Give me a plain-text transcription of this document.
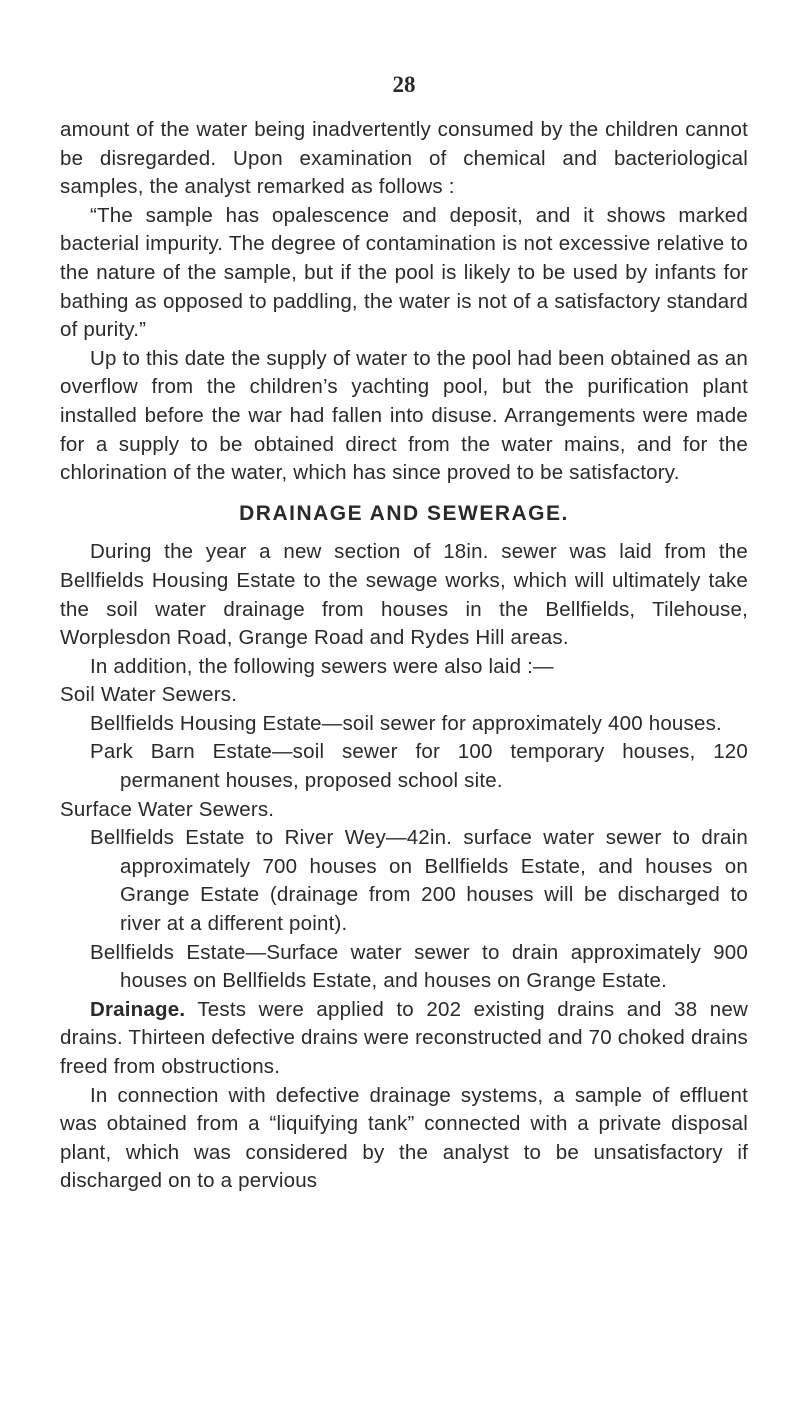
28

amount of the water being inadvertently consumed by the children cannot be disregarded. Upon examination of chemical and bacteriological samples, the analyst remarked as follows :

“The sample has opalescence and deposit, and it shows marked bacterial impurity. The degree of contamination is not excessive relative to the nature of the sample, but if the pool is likely to be used by infants for bathing as opposed to paddling, the water is not of a satisfactory standard of purity.”

Up to this date the supply of water to the pool had been obtained as an overflow from the children’s yachting pool, but the purification plant installed before the war had fallen into disuse. Arrangements were made for a supply to be obtained direct from the water mains, and for the chlorination of the water, which has since proved to be satisfactory.

DRAINAGE AND SEWERAGE.

During the year a new section of 18in. sewer was laid from the Bellfields Housing Estate to the sewage works, which will ultimately take the soil water drainage from houses in the Bellfields, Tilehouse, Worplesdon Road, Grange Road and Rydes Hill areas.

In addition, the following sewers were also laid :—

Soil Water Sewers.

Bellfields Housing Estate—soil sewer for approximately 400 houses.

Park Barn Estate—soil sewer for 100 temporary houses, 120 permanent houses, proposed school site.

Surface Water Sewers.

Bellfields Estate to River Wey—42in. surface water sewer to drain approximately 700 houses on Bellfields Estate, and houses on Grange Estate (drainage from 200 houses will be discharged to river at a different point).

Bellfields Estate—Surface water sewer to drain approximately 900 houses on Bellfields Estate, and houses on Grange Estate.

Drainage. Tests were applied to 202 existing drains and 38 new drains. Thirteen defective drains were reconstructed and 70 choked drains freed from obstructions.

In connection with defective drainage systems, a sample of effluent was obtained from a “liquifying tank” connected with a private disposal plant, which was considered by the analyst to be unsatisfactory if discharged on to a pervious
